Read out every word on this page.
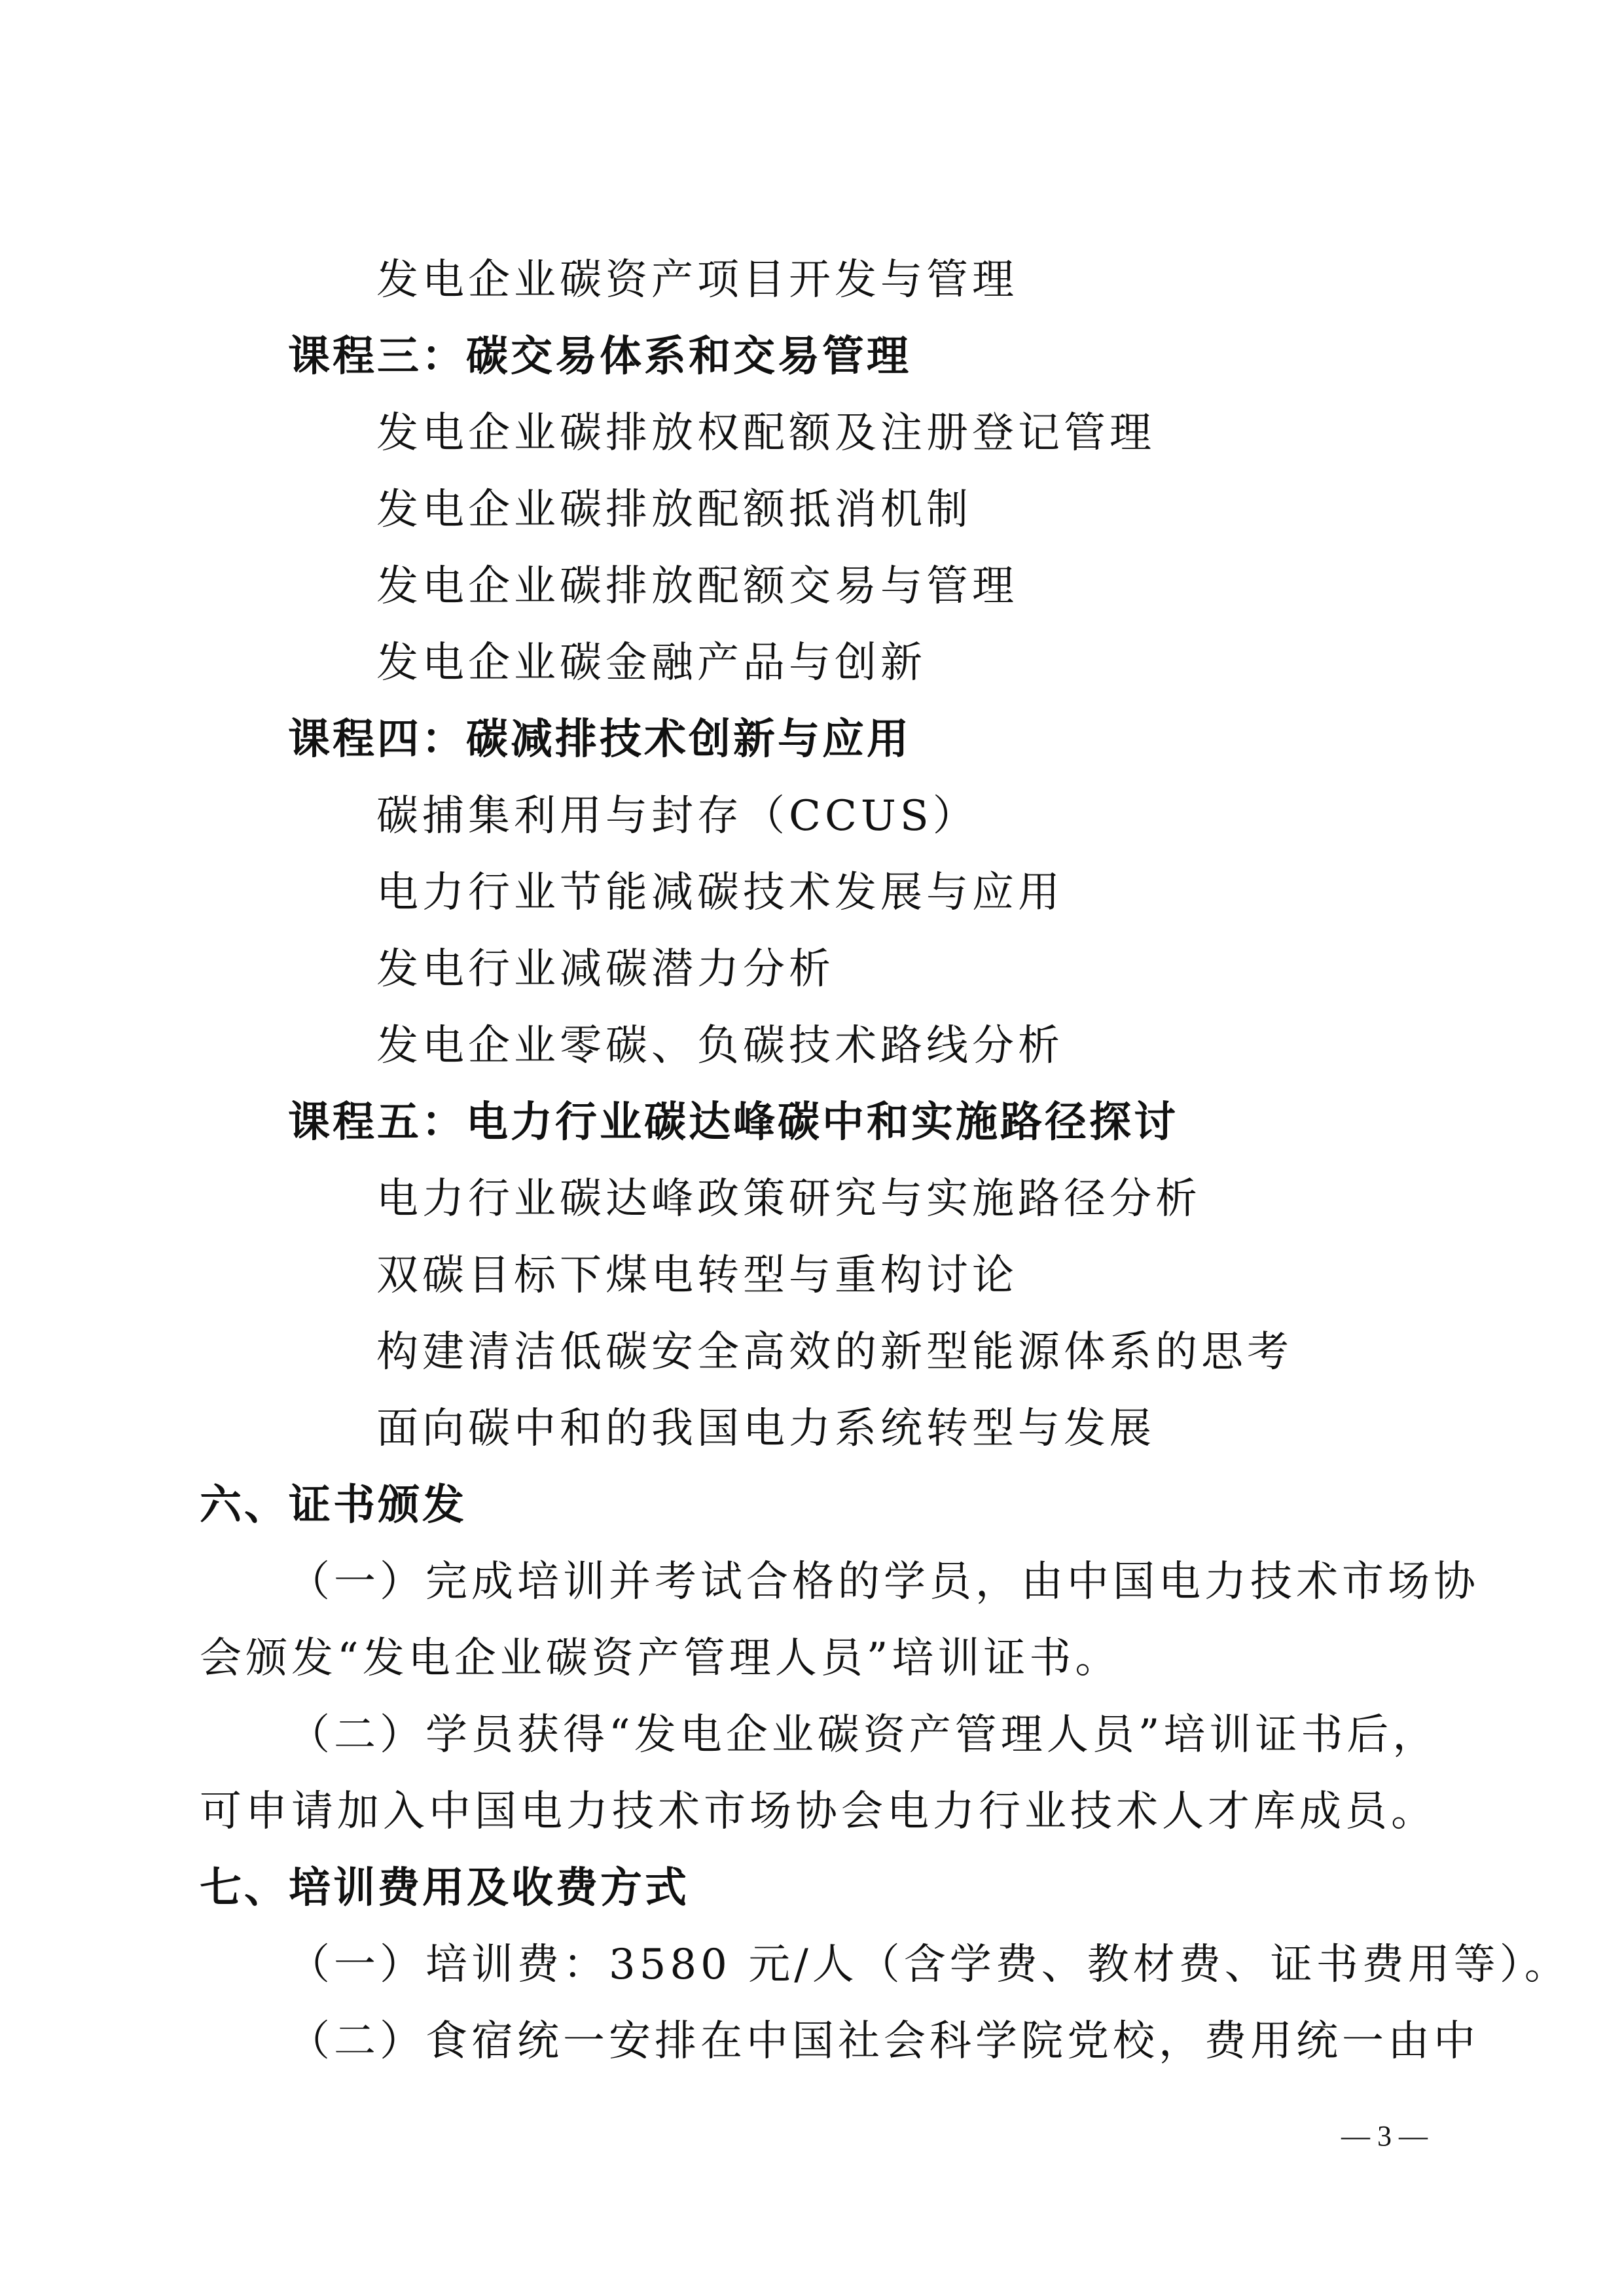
发电企业碳资产项目开发与管理
课程三：碳交易体系和交易管理
发电企业碳排放权配额及注册登记管理
发电企业碳排放配额抵消机制
发电企业碳排放配额交易与管理
发电企业碳金融产品与创新
课程四：碳减排技术创新与应用
碳捕集利用与封存（CCUS）
电力行业节能减碳技术发展与应用
发电行业减碳潜力分析
发电企业零碳、负碳技术路线分析
课程五：电力行业碳达峰碳中和实施路径探讨
电力行业碳达峰政策研究与实施路径分析
双碳目标下煤电转型与重构讨论
构建清洁低碳安全高效的新型能源体系的思考
面向碳中和的我国电力系统转型与发展
六、证书颁发
（一）完成培训并考试合格的学员，由中国电力技术市场协
会颁发“发电企业碳资产管理人员”培训证书。
（二）学员获得“发电企业碳资产管理人员”培训证书后，
可申请加入中国电力技术市场协会电力行业技术人才库成员。
七、培训费用及收费方式
（一）培训费：3580 元/人（含学费、教材费、证书费用等）。
（二）食宿统一安排在中国社会科学院党校，费用统一由中
— 3 —
